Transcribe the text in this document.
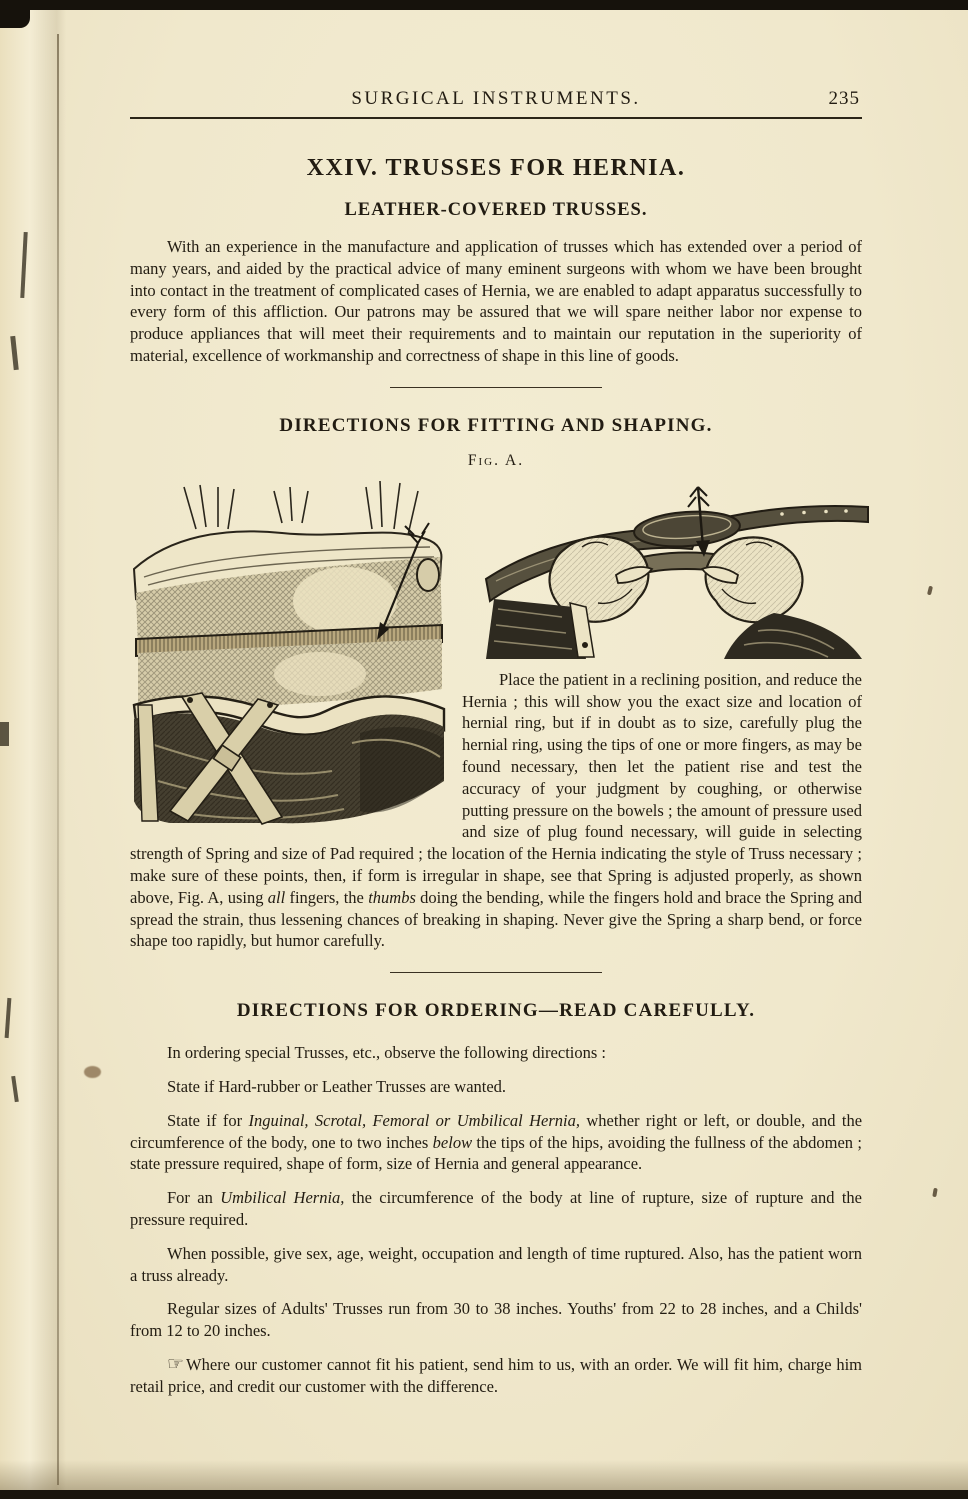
SURGICAL INSTRUMENTS.	235
XXIV. TRUSSES FOR HERNIA.
LEATHER-COVERED TRUSSES.

With an experience in the manufacture and application of trusses which has extended over a period of many years, and aided by the practical advice of many eminent surgeons with whom we have been brought into contact in the treatment of complicated cases of Hernia, we are enabled to adapt apparatus successfully to every form of this affliction. Our patrons may be assured that we will spare neither labor nor expense to produce appliances that will meet their requirements and to maintain our reputation in the superiority of material, excellence of workmanship and correctness of shape in this line of goods.

DIRECTIONS FOR FITTING AND SHAPING.
Fig. A.

Place the patient in a reclining position, and reduce the Hernia ; this will show you the exact size and location of hernial ring, but if in doubt as to size, carefully plug the hernial ring, using the tips of one or more fingers, as may be found necessary, then let the patient rise and test the accuracy of your judgment by coughing, or otherwise putting pressure on the bowels ; the amount of pressure used and size of plug found necessary, will guide in selecting strength of Spring and size of Pad required ; the location of the Hernia indicating the style of Truss necessary ; make sure of these points, then, if form is irregular in shape, see that Spring is adjusted properly, as shown above, Fig. A, using all fingers, the thumbs doing the bending, while the fingers hold and brace the Spring and spread the strain, thus lessening chances of breaking in shaping. Never give the Spring a sharp bend, or force shape too rapidly, but humor carefully.

DIRECTIONS FOR ORDERING—READ CAREFULLY.

In ordering special Trusses, etc., observe the following directions :

State if Hard-rubber or Leather Trusses are wanted.

State if for Inguinal, Scrotal, Femoral or Umbilical Hernia, whether right or left, or double, and the circumference of the body, one to two inches below the tips of the hips, avoiding the fullness of the abdomen ; state pressure required, shape of form, size of Hernia and general appearance.

For an Umbilical Hernia, the circumference of the body at line of rupture, size of rupture and the pressure required.

When possible, give sex, age, weight, occupation and length of time ruptured. Also, has the patient worn a truss already.

Regular sizes of Adults' Trusses run from 30 to 38 inches. Youths' from 22 to 28 inches, and a Childs' from 12 to 20 inches.

☞Where our customer cannot fit his patient, send him to us, with an order. We will fit him, charge him retail price, and credit our customer with the difference.
